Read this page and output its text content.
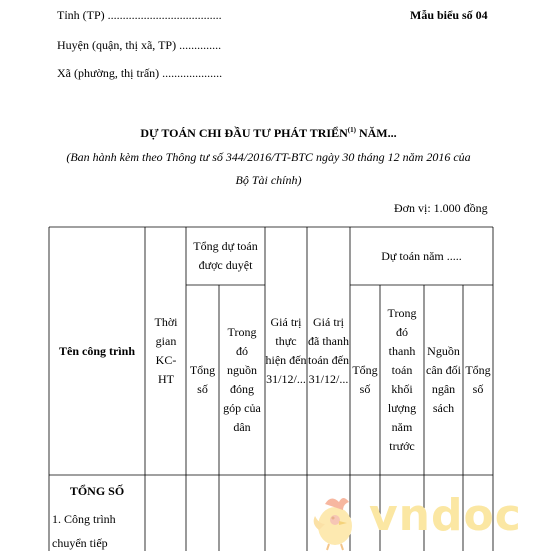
Tỉnh (TP) ......................................	Mẫu biểu số 04
Huyện (quận, thị xã, TP) ..............
Xã (phường, thị trấn) ....................
DỰ TOÁN CHI ĐẦU TƯ PHÁT TRIỂN$^{(1)}$ NĂM...
(Ban hành kèm theo Thông tư số 344/2016/TT-BTC ngày 30 tháng 12 năm 2016 của
Bộ Tài chính)
Đơn vị: 1.000 đồng
Tên công trình
Thời gian KC-HT
Tổng dự toán được duyệt
Tổng số
Trong đó nguồn đóng góp của dân
Giá trị thực hiện đến 31/12/...
Giá trị đã thanh toán đến 31/12/...
Dự toán năm .....
Tổng số
Trong đó thanh toán khối lượng năm trước
Nguồn cân đối ngân sách
Tổng số
TỔNG SỐ
1. Công trình chuyển tiếp
vndoc
